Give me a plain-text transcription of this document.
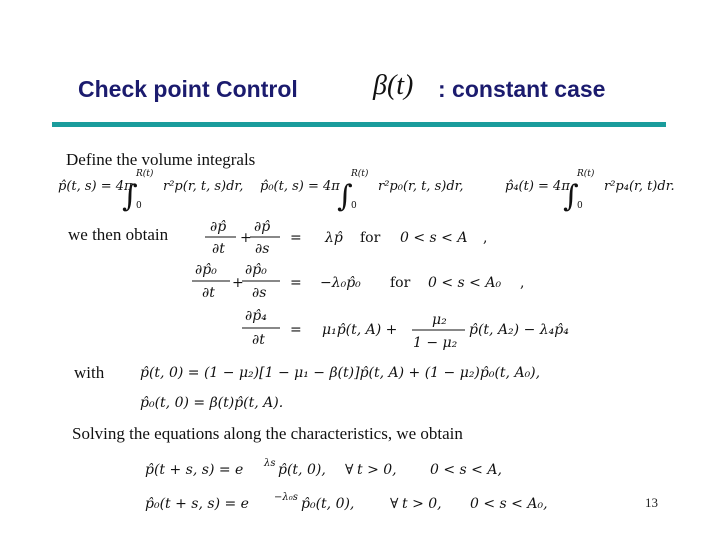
Check point Control	β(t) : constant case
Define the volume integrals
p̂(t, s) = 4π
∫
R(t)
0
r²p(r, t, s)dr, p̂₀(t, s) = 4π
∫
R(t)
0
r²p₀(r, t, s)dr,	p̂₄(t) = 4π
∫
R(t)
0
r²p₄(r, t)dr.
we then obtain	∂p̂
∂t
+
∂p̂
∂s
= λp̂ for 0 < s < A ,
∂p̂₀
∂t
+
∂p̂₀
∂s
= −λ₀p̂₀ for 0 < s < A₀ ,
∂p̂₄
∂t
= μ₁p̂(t, A) +
μ₂
1 − μ₂
p̂(t, A₂) − λ₄p̂₄
with	p̂(t, 0) = (1 − μ₂)[1 − μ₁ − β(t)]p̂(t, A) + (1 − μ₂)p̂₀(t, A₀),
p̂₀(t, 0) = β(t)p̂(t, A).
Solving the equations along the characteristics, we obtain
p̂(t + s, s) = e λs p̂(t, 0), ∀ t > 0, 0 < s < A,
p̂₀(t + s, s) = e	−λ₀s p̂₀(t, 0),	∀ t > 0, 0 < s < A₀,	13
